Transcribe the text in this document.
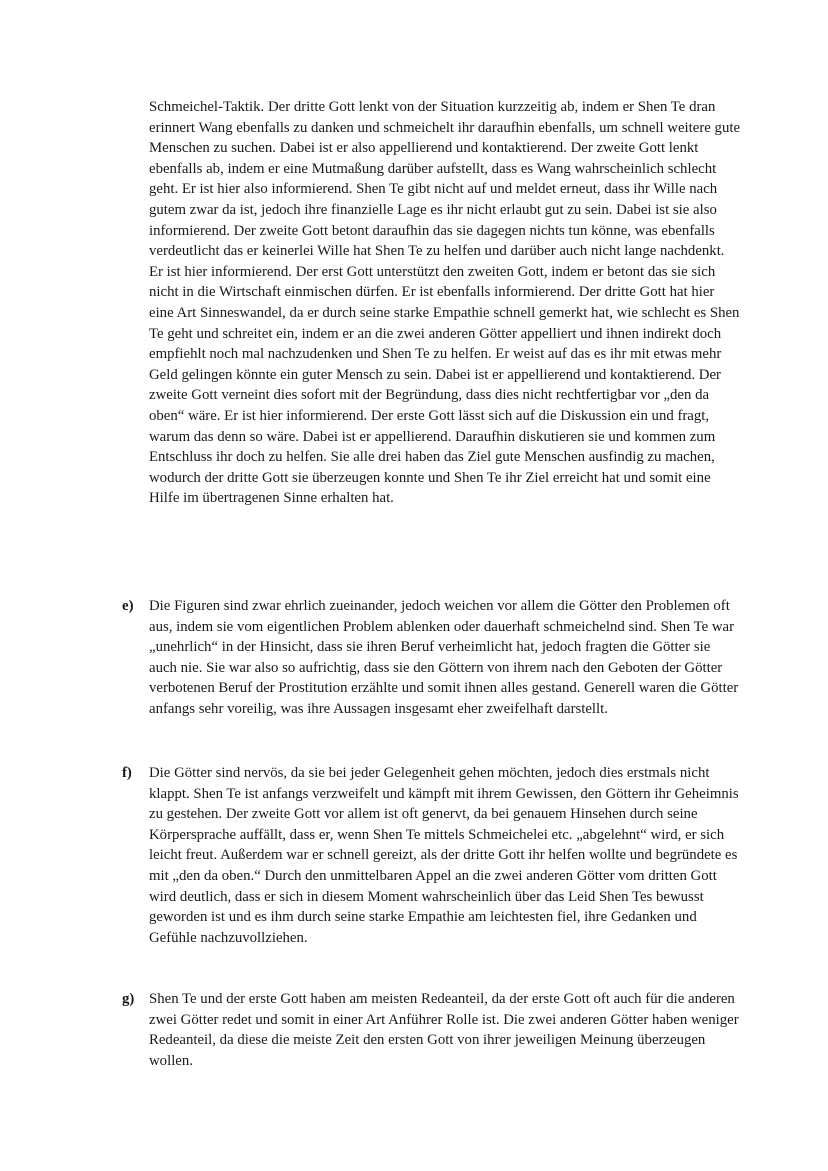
Schmeichel-Taktik. Der dritte Gott lenkt von der Situation kurzzeitig ab, indem er Shen Te dran erinnert Wang ebenfalls zu danken und schmeichelt ihr daraufhin ebenfalls, um schnell weitere gute Menschen zu suchen. Dabei ist er also appellierend und kontaktierend. Der zweite Gott lenkt ebenfalls ab, indem er eine Mutmaßung darüber aufstellt, dass es Wang wahrscheinlich schlecht geht. Er ist hier also informierend. Shen Te gibt nicht auf und meldet erneut, dass ihr Wille nach gutem zwar da ist, jedoch ihre finanzielle Lage es ihr nicht erlaubt gut zu sein. Dabei ist sie also informierend. Der zweite Gott betont daraufhin das sie dagegen nichts tun könne, was ebenfalls verdeutlicht das er keinerlei Wille hat Shen Te zu helfen und darüber auch nicht lange nachdenkt. Er ist hier informierend. Der erst Gott unterstützt den zweiten Gott, indem er betont das sie sich nicht in die Wirtschaft einmischen dürfen. Er ist ebenfalls informierend. Der dritte Gott hat hier eine Art Sinneswandel, da er durch seine starke Empathie schnell gemerkt hat, wie schlecht es Shen Te geht und schreitet ein, indem er an die zwei anderen Götter appelliert und ihnen indirekt doch empfiehlt noch mal nachzudenken und Shen Te zu helfen. Er weist auf das es ihr mit etwas mehr Geld gelingen könnte ein guter Mensch zu sein. Dabei ist er appellierend und kontaktierend. Der zweite Gott verneint dies sofort mit der Begründung, dass dies nicht rechtfertigbar vor „den da oben“ wäre. Er ist hier informierend. Der erste Gott lässt sich auf die Diskussion ein und fragt, warum das denn so wäre. Dabei ist er appellierend. Daraufhin diskutieren sie und kommen zum Entschluss ihr doch zu helfen. Sie alle drei haben das Ziel gute Menschen ausfindig zu machen, wodurch der dritte Gott sie überzeugen konnte und Shen Te ihr Ziel erreicht hat und somit eine Hilfe im übertragenen Sinne erhalten hat.

e)	Die Figuren sind zwar ehrlich zueinander, jedoch weichen vor allem die Götter den Problemen oft aus, indem sie vom eigentlichen Problem ablenken oder dauerhaft schmeichelnd sind. Shen Te war „unehrlich“ in der Hinsicht, dass sie ihren Beruf verheimlicht hat, jedoch fragten die Götter sie auch nie. Sie war also so aufrichtig, dass sie den Göttern von ihrem nach den Geboten der Götter verbotenen Beruf der Prostitution erzählte und somit ihnen alles gestand. Generell waren die Götter anfangs sehr voreilig, was ihre Aussagen insgesamt eher zweifelhaft darstellt.

f)	Die Götter sind nervös, da sie bei jeder Gelegenheit gehen möchten, jedoch dies erstmals nicht klappt. Shen Te ist anfangs verzweifelt und kämpft mit ihrem Gewissen, den Göttern ihr Geheimnis zu gestehen. Der zweite Gott vor allem ist oft genervt, da bei genauem Hinsehen durch seine Körpersprache auffällt, dass er, wenn Shen Te mittels Schmeichelei etc. „abgelehnt“ wird, er sich leicht freut. Außerdem war er schnell gereizt, als der dritte Gott ihr helfen wollte und begründete es mit „den da oben.“ Durch den unmittelbaren Appel an die zwei anderen Götter vom dritten Gott wird deutlich, dass er sich in diesem Moment wahrscheinlich über das Leid Shen Tes bewusst geworden ist und es ihm durch seine starke Empathie am leichtesten fiel, ihre Gedanken und Gefühle nachzuvollziehen.

g) Shen Te und der erste Gott haben am meisten Redeanteil, da der erste Gott oft auch für die anderen zwei Götter redet und somit in einer Art Anführer Rolle ist. Die zwei anderen Götter haben weniger Redeanteil, da diese die meiste Zeit den ersten Gott von ihrer jeweiligen Meinung überzeugen wollen.
